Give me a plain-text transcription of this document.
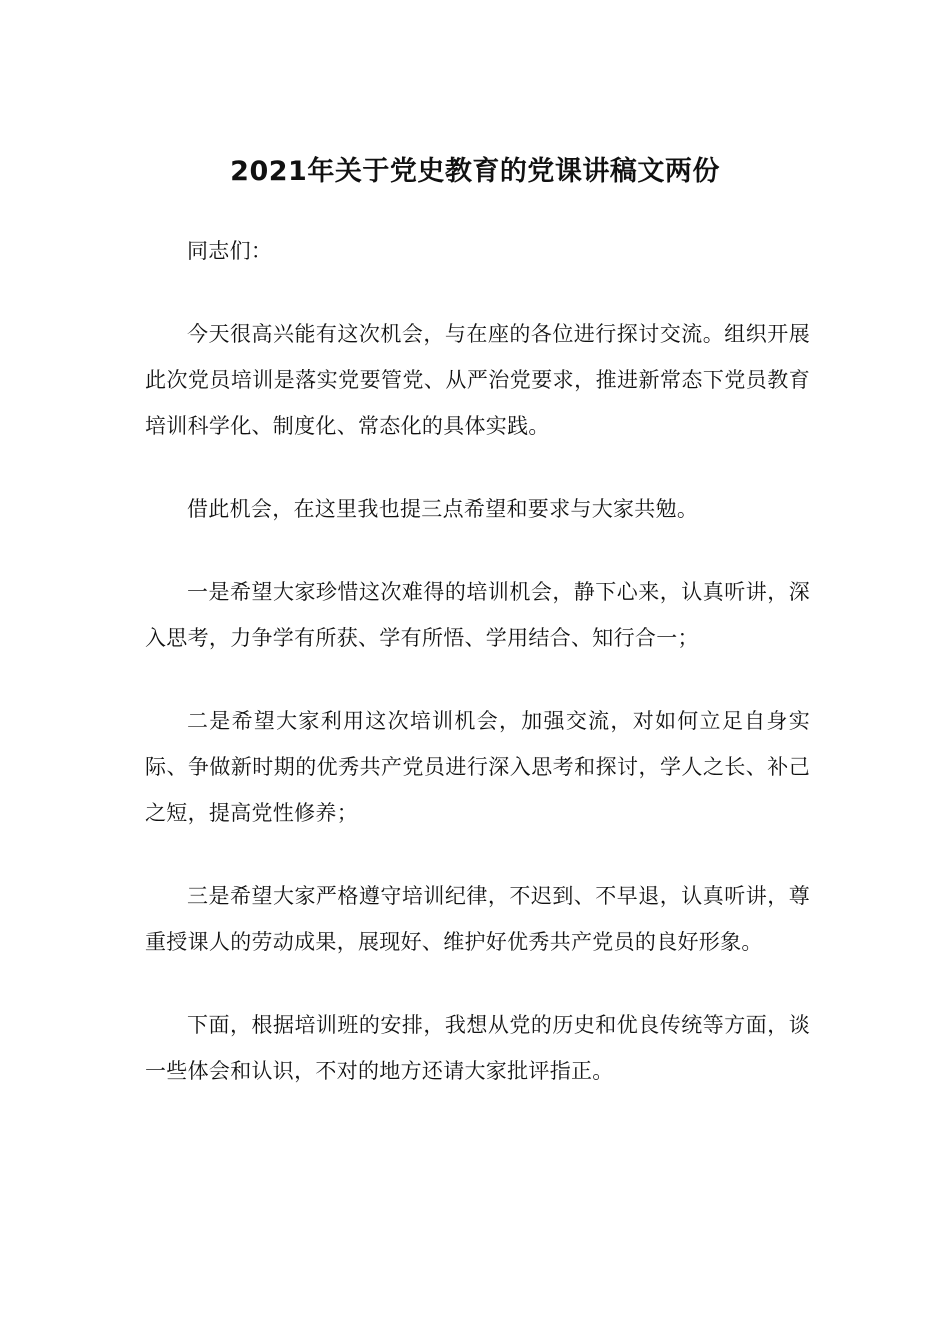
2021年关于党史教育的党课讲稿文两份

同志们：

今天很高兴能有这次机会，与在座的各位进行探讨交流。组织开展此次党员培训是落实党要管党、从严治党要求，推进新常态下党员教育培训科学化、制度化、常态化的具体实践。

借此机会，在这里我也提三点希望和要求与大家共勉。

一是希望大家珍惜这次难得的培训机会，静下心来，认真听讲，深入思考，力争学有所获、学有所悟、学用结合、知行合一；

二是希望大家利用这次培训机会，加强交流，对如何立足自身实际、争做新时期的优秀共产党员进行深入思考和探讨，学人之长、补己之短，提高党性修养；

三是希望大家严格遵守培训纪律，不迟到、不早退，认真听讲，尊重授课人的劳动成果，展现好、维护好优秀共产党员的良好形象。

下面，根据培训班的安排，我想从党的历史和优良传统等方面，谈一些体会和认识，不对的地方还请大家批评指正。
